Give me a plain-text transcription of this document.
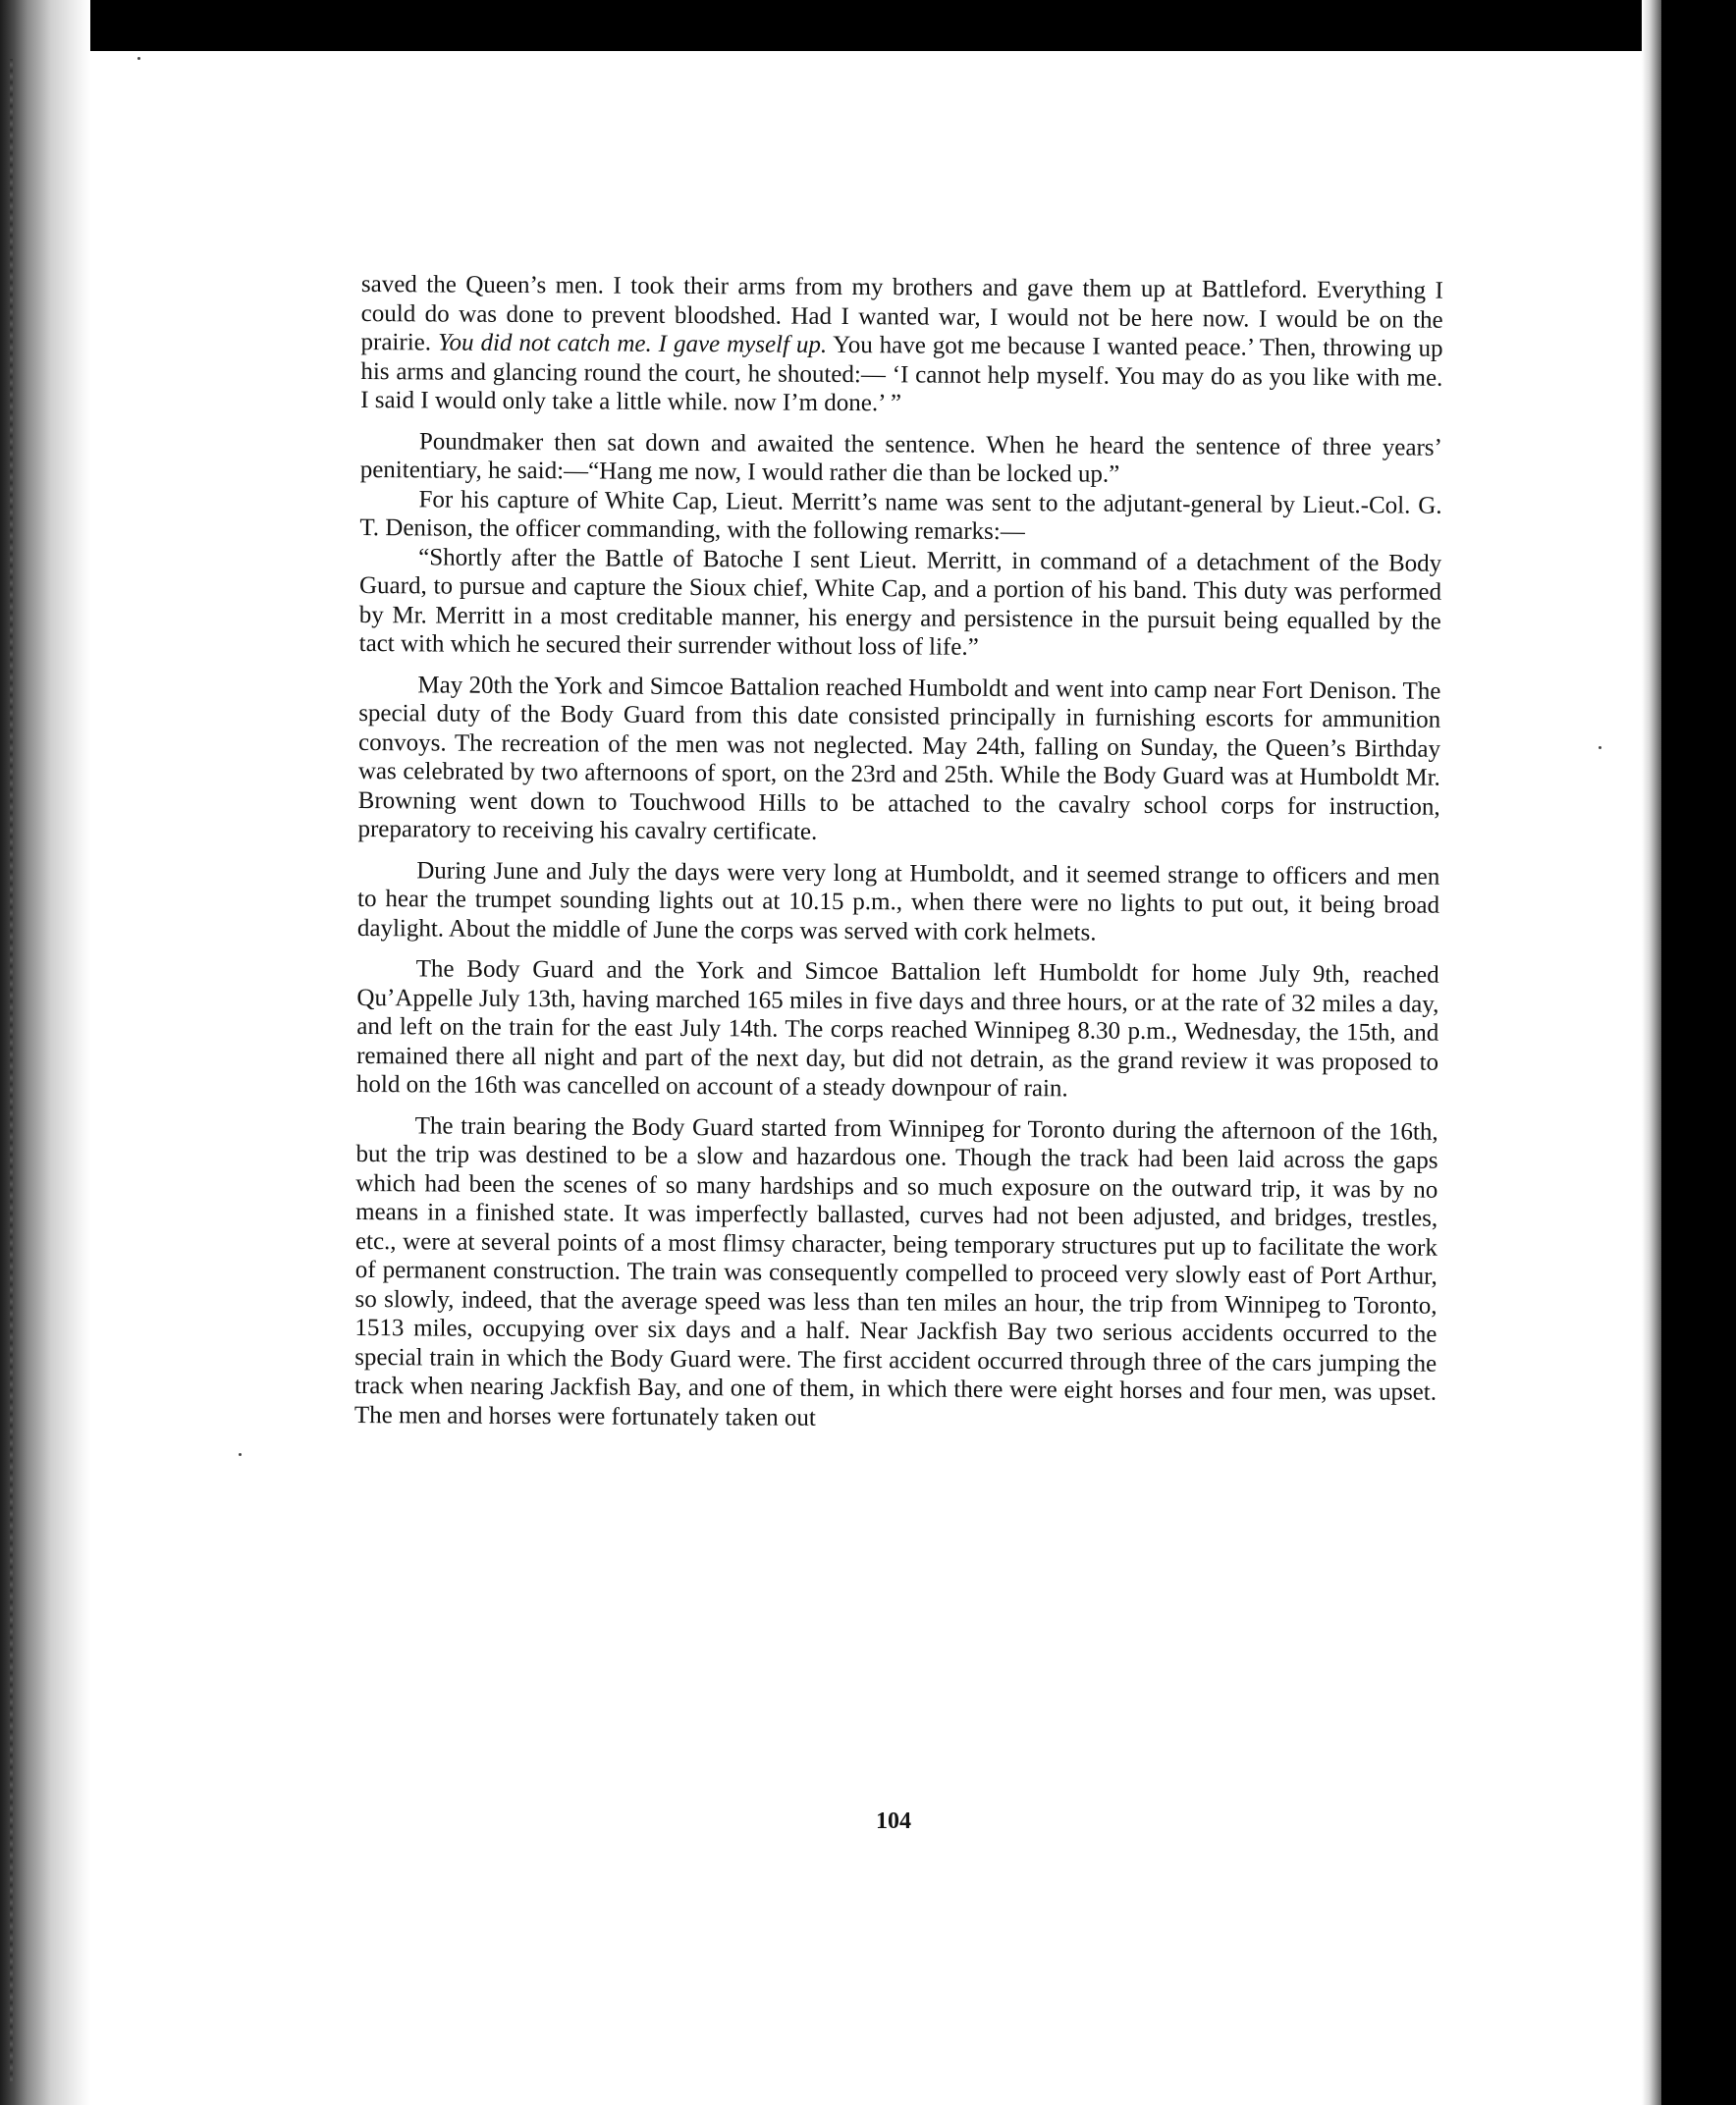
saved the Queen’s men. I took their arms from my brothers and gave them up at Battleford. Everything I could do was done to prevent bloodshed. Had I wanted war, I would not be here now. I would be on the prairie. You did not catch me. I gave myself up. You have got me because I wanted peace.’ Then, throwing up his arms and glancing round the court, he shouted:— ‘I cannot help myself. You may do as you like with me. I said I would only take a little while. now I’m done.’ ”

Poundmaker then sat down and awaited the sentence. When he heard the sentence of three years’ penitentiary, he said:—“Hang me now, I would rather die than be locked up.”

For his capture of White Cap, Lieut. Merritt’s name was sent to the adjutant-general by Lieut.-Col. G. T. Denison, the officer commanding, with the following remarks:—

“Shortly after the Battle of Batoche I sent Lieut. Merritt, in command of a detachment of the Body Guard, to pursue and capture the Sioux chief, White Cap, and a portion of his band. This duty was performed by Mr. Merritt in a most creditable manner, his energy and persistence in the pursuit being equalled by the tact with which he secured their surrender without loss of life.”

May 20th the York and Simcoe Battalion reached Humboldt and went into camp near Fort Denison. The special duty of the Body Guard from this date consisted principally in furnishing escorts for ammunition convoys. The recreation of the men was not neglected. May 24th, falling on Sunday, the Queen’s Birthday was celebrated by two afternoons of sport, on the 23rd and 25th. While the Body Guard was at Humboldt Mr. Browning went down to Touchwood Hills to be attached to the cavalry school corps for instruction, preparatory to receiving his cavalry certificate.

During June and July the days were very long at Humboldt, and it seemed strange to officers and men to hear the trumpet sounding lights out at 10.15 p.m., when there were no lights to put out, it being broad daylight. About the middle of June the corps was served with cork helmets.

The Body Guard and the York and Simcoe Battalion left Humboldt for home July 9th, reached Qu’Appelle July 13th, having marched 165 miles in five days and three hours, or at the rate of 32 miles a day, and left on the train for the east July 14th. The corps reached Winnipeg 8.30 p.m., Wednesday, the 15th, and remained there all night and part of the next day, but did not detrain, as the grand review it was proposed to hold on the 16th was cancelled on account of a steady downpour of rain.

The train bearing the Body Guard started from Winnipeg for Toronto during the afternoon of the 16th, but the trip was destined to be a slow and hazardous one. Though the track had been laid across the gaps which had been the scenes of so many hardships and so much exposure on the outward trip, it was by no means in a finished state. It was imperfectly ballasted, curves had not been adjusted, and bridges, trestles, etc., were at several points of a most flimsy character, being temporary structures put up to facilitate the work of permanent construction. The train was consequently compelled to proceed very slowly east of Port Arthur, so slowly, indeed, that the average speed was less than ten miles an hour, the trip from Winnipeg to Toronto, 1513 miles, occupying over six days and a half. Near Jackfish Bay two serious accidents occurred to the special train in which the Body Guard were. The first accident occurred through three of the cars jumping the track when nearing Jackfish Bay, and one of them, in which there were eight horses and four men, was upset. The men and horses were fortunately taken out

104
